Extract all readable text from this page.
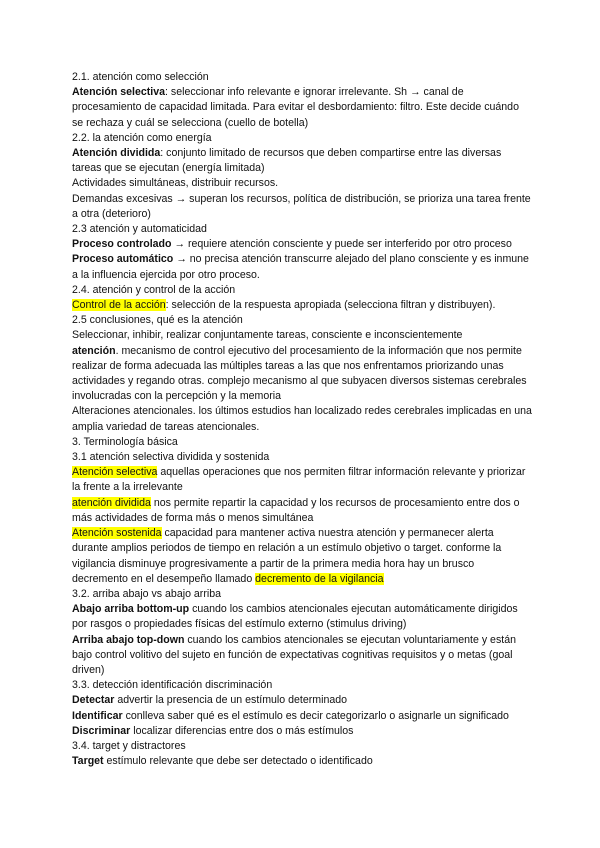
2.1. atención como selección

Atención selectiva: seleccionar info relevante e ignorar irrelevante. Sh → canal de procesamiento de capacidad limitada. Para evitar el desbordamiento: filtro. Este decide cuándo se rechaza y cuál se selecciona (cuello de botella)

2.2. la atención como energía

Atención dividida: conjunto limitado de recursos que deben compartirse entre las diversas tareas que se ejecutan (energía limitada)

Actividades simultáneas, distribuir recursos.

Demandas excesivas → superan los recursos, política de distribución, se prioriza una tarea frente a otra (deterioro)

2.3 atención y automaticidad

Proceso controlado → requiere atención consciente y puede ser interferido por otro proceso

Proceso automático → no precisa atención transcurre alejado del plano consciente y es inmune a la influencia ejercida por otro proceso.

2.4. atención y control de la acción

Control de la acción: selección de la respuesta apropiada (selecciona filtran y distribuyen).

2.5 conclusiones, qué es la atención

Seleccionar, inhibir, realizar conjuntamente tareas, consciente e inconscientemente

atención. mecanismo de control ejecutivo del procesamiento de la información que nos permite realizar de forma adecuada las múltiples tareas a las que nos enfrentamos priorizando unas actividades y regando otras. complejo mecanismo al que subyacen diversos sistemas cerebrales involucradas con la percepción y la memoria

Alteraciones atencionales. los últimos estudios han localizado redes cerebrales implicadas en una amplia variedad de tareas atencionales.

3. Terminología básica

3.1 atención selectiva dividida y sostenida

Atención selectiva aquellas operaciones que nos permiten filtrar información relevante y priorizar la frente a la irrelevante

atención dividida nos permite repartir la capacidad y los recursos de procesamiento entre dos o más actividades de forma más o menos simultánea

Atención sostenida capacidad para mantener activa nuestra atención y permanecer alerta durante amplios periodos de tiempo en relación a un estímulo objetivo o target. conforme la vigilancia disminuye progresivamente a partir de la primera media hora hay un brusco decremento en el desempeño llamado decremento de la vigilancia

3.2. arriba abajo vs abajo arriba

Abajo arriba bottom-up cuando los cambios atencionales ejecutan automáticamente dirigidos por rasgos o propiedades físicas del estímulo externo (stimulus driving)

Arriba abajo top-down cuando los cambios atencionales se ejecutan voluntariamente y están bajo control volitivo del sujeto en función de expectativas cognitivas requisitos y o metas (goal driven)

3.3. detección identificación discriminación

Detectar advertir la presencia de un estímulo determinado

Identificar conlleva saber qué es el estímulo es decir categorizarlo o asignarle un significado

Discriminar localizar diferencias entre dos o más estímulos

3.4. target y distractores

Target estímulo relevante que debe ser detectado o identificado
